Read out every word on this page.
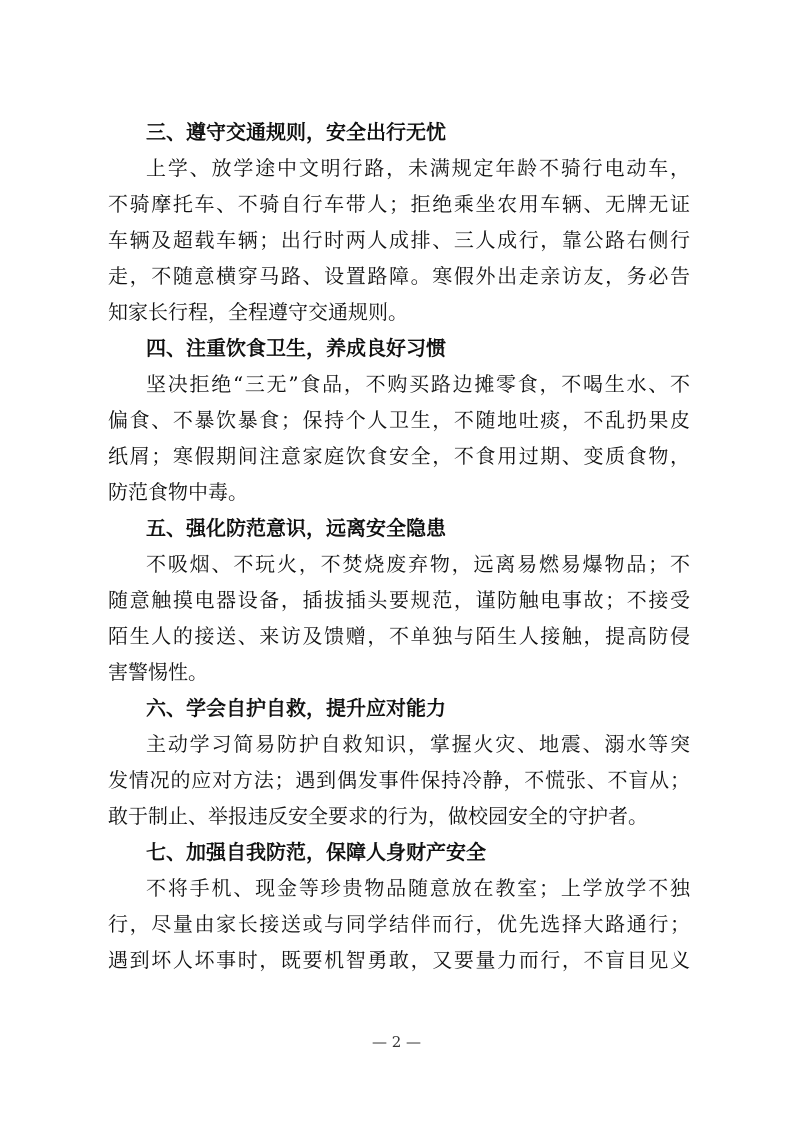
三、遵守交通规则，安全出行无忧

上学、放学途中文明行路，未满规定年龄不骑行电动车，
不骑摩托车、不骑自行车带人；拒绝乘坐农用车辆、无牌无证
车辆及超载车辆；出行时两人成排、三人成行，靠公路右侧行
走，不随意横穿马路、设置路障。寒假外出走亲访友，务必告
知家长行程，全程遵守交通规则。

四、注重饮食卫生，养成良好习惯

坚决拒绝“三无”食品，不购买路边摊零食，不喝生水、不
偏食、不暴饮暴食；保持个人卫生，不随地吐痰，不乱扔果皮
纸屑；寒假期间注意家庭饮食安全，不食用过期、变质食物，
防范食物中毒。

五、强化防范意识，远离安全隐患

不吸烟、不玩火，不焚烧废弃物，远离易燃易爆物品；不
随意触摸电器设备，插拔插头要规范，谨防触电事故；不接受
陌生人的接送、来访及馈赠，不单独与陌生人接触，提高防侵
害警惕性。

六、学会自护自救，提升应对能力

主动学习简易防护自救知识，掌握火灾、地震、溺水等突
发情况的应对方法；遇到偶发事件保持冷静，不慌张、不盲从；
敢于制止、举报违反安全要求的行为，做校园安全的守护者。

七、加强自我防范，保障人身财产安全

不将手机、现金等珍贵物品随意放在教室；上学放学不独
行，尽量由家长接送或与同学结伴而行，优先选择大路通行；
遇到坏人坏事时，既要机智勇敢，又要量力而行，不盲目见义

— 2 —
